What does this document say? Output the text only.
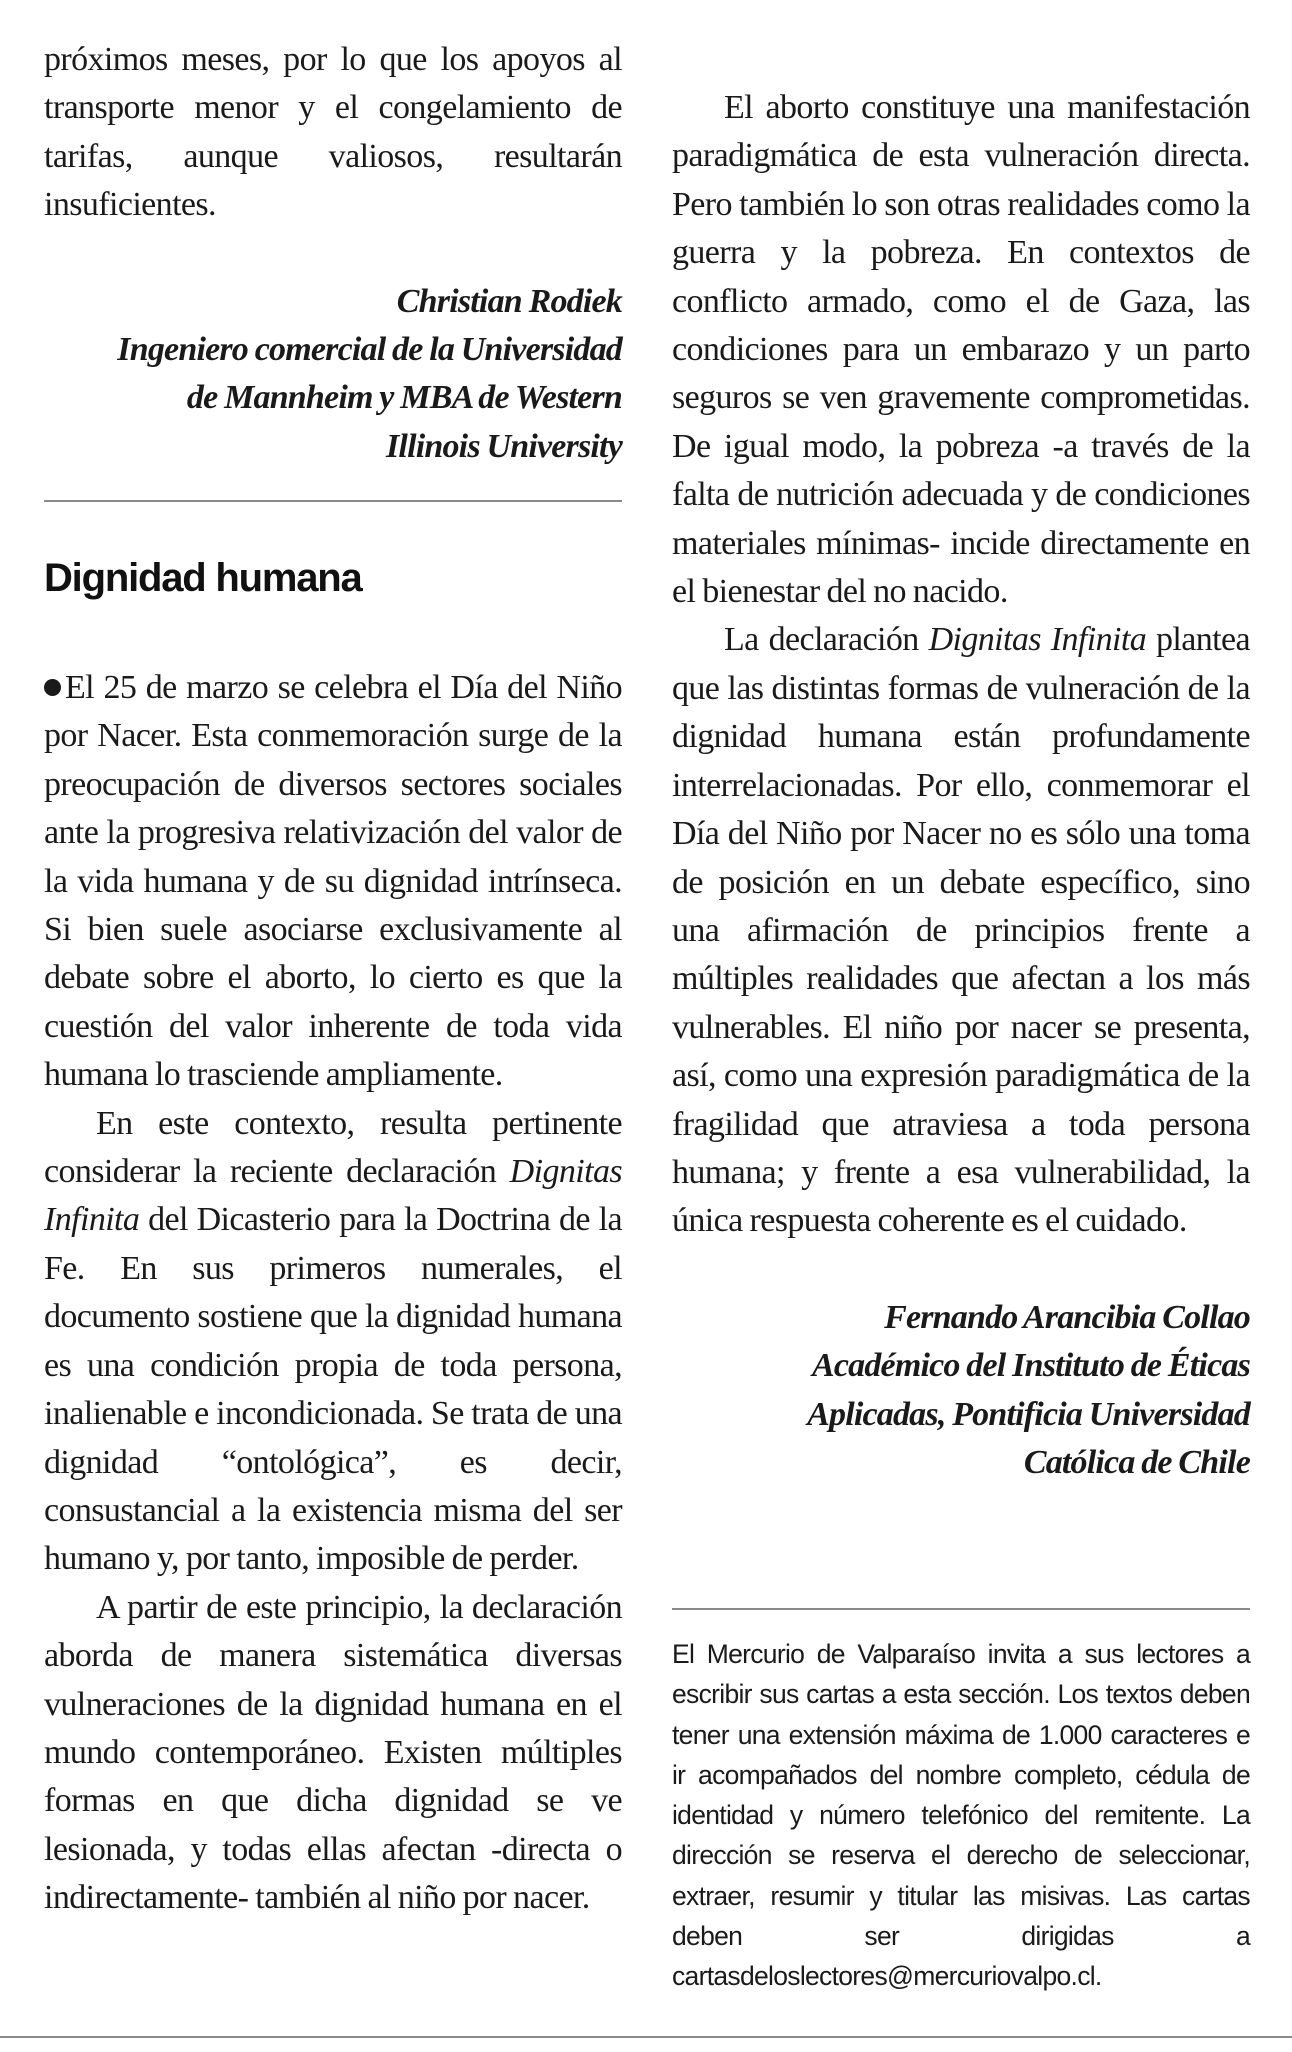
próximos meses, por lo que los apoyos al transporte menor y el congelamiento de tarifas, aunque valiosos, resultarán insuficientes.

Christian Rodiek

Ingeniero comercial de la Universidad

de Mannheim y MBA de Western

Illinois University

Dignidad humana

El 25 de marzo se celebra el Día del Niño por Nacer. Esta conmemoración surge de la preocupación de diversos sectores sociales ante la progresiva relativización del valor de la vida humana y de su dignidad intrínseca. Si bien suele asociarse exclusivamente al debate sobre el aborto, lo cierto es que la cuestión del valor inherente de toda vida humana lo trasciende ampliamente.

En este contexto, resulta pertinente considerar la reciente declaración Dignitas Infinita del Dicasterio para la Doctrina de la Fe. En sus primeros numerales, el documento sostiene que la dignidad humana es una condición propia de toda persona, inalienable e incondicionada. Se trata de una dignidad “ontológica”, es decir, consustancial a la existencia misma del ser humano y, por tanto, imposible de perder.

A partir de este principio, la declaración aborda de manera sistemática diversas vulneraciones de la dignidad humana en el mundo contemporáneo. Existen múltiples formas en que dicha dignidad se ve lesionada, y todas ellas afectan -directa o indirectamente- también al niño por nacer.

El aborto constituye una manifestación paradigmática de esta vulneración directa. Pero también lo son otras realidades como la guerra y la pobreza. En contextos de conflicto armado, como el de Gaza, las condiciones para un embarazo y un parto seguros se ven gravemente comprometidas. De igual modo, la pobreza -a través de la falta de nutrición adecuada y de condiciones materiales mínimas- incide directamente en el bienestar del no nacido.

La declaración Dignitas Infinita plantea que las distintas formas de vulneración de la dignidad humana están profundamente interrelacionadas. Por ello, conmemorar el Día del Niño por Nacer no es sólo una toma de posición en un debate específico, sino una afirmación de principios frente a múltiples realidades que afectan a los más vulnerables. El niño por nacer se presenta, así, como una expresión paradigmática de la fragilidad que atraviesa a toda persona humana; y frente a esa vulnerabilidad, la única respuesta coherente es el cuidado.

Fernando Arancibia Collao

Académico del Instituto de Éticas

Aplicadas, Pontificia Universidad

Católica de Chile

El Mercurio de Valparaíso invita a sus lectores a escribir sus cartas a esta sección. Los textos deben tener una extensión máxima de 1.000 caracteres e ir acompañados del nombre completo, cédula de identidad y número telefónico del remitente. La dirección se reserva el derecho de seleccionar, extraer, resumir y titular las misivas. Las cartas deben ser dirigidas a cartasdeloslectores@mercuriovalpo.cl.
